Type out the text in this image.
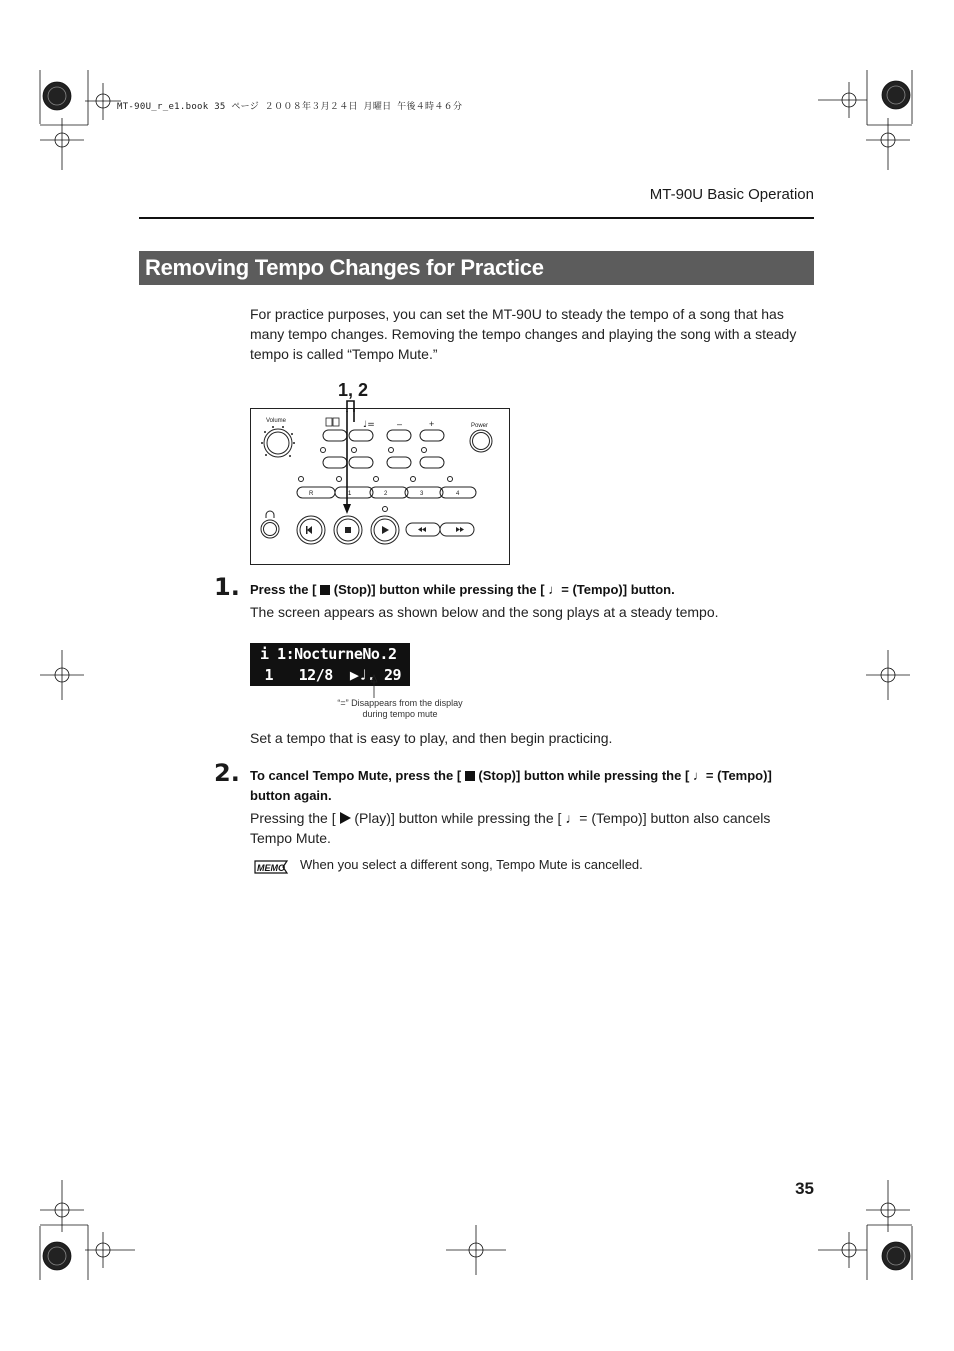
MT-90U_r_e1.book 35 ページ ２００８年３月２４日 月曜日 午後４時４６分
MT-90U Basic Operation
Removing Tempo Changes for Practice
For practice purposes, you can set the MT-90U to steady the tempo of a song that has many tempo changes. Removing the tempo changes and playing the song with a steady tempo is called “Tempo Mute.”
1, 2
Volume
Power
–	+
♩=
R	2	3	4
1
1. Press the [ (Stop)] button while pressing the [ ♩= (Tempo)] button.
The screen appears as shown below and the song plays at a steady tempo.
i 1:NocturneNo.2
1   12/8  ▶♩. 29
“=” Disappears from the display
during tempo mute
Set a tempo that is easy to play, and then begin practicing.
2. To cancel Tempo Mute, press the [ (Stop)] button while pressing the [ ♩= (Tempo)] button again.
Pressing the [ (Play)] button while pressing the [ ♩= (Tempo)] button also cancels Tempo Mute.
MEMO When you select a different song, Tempo Mute is cancelled.
35
